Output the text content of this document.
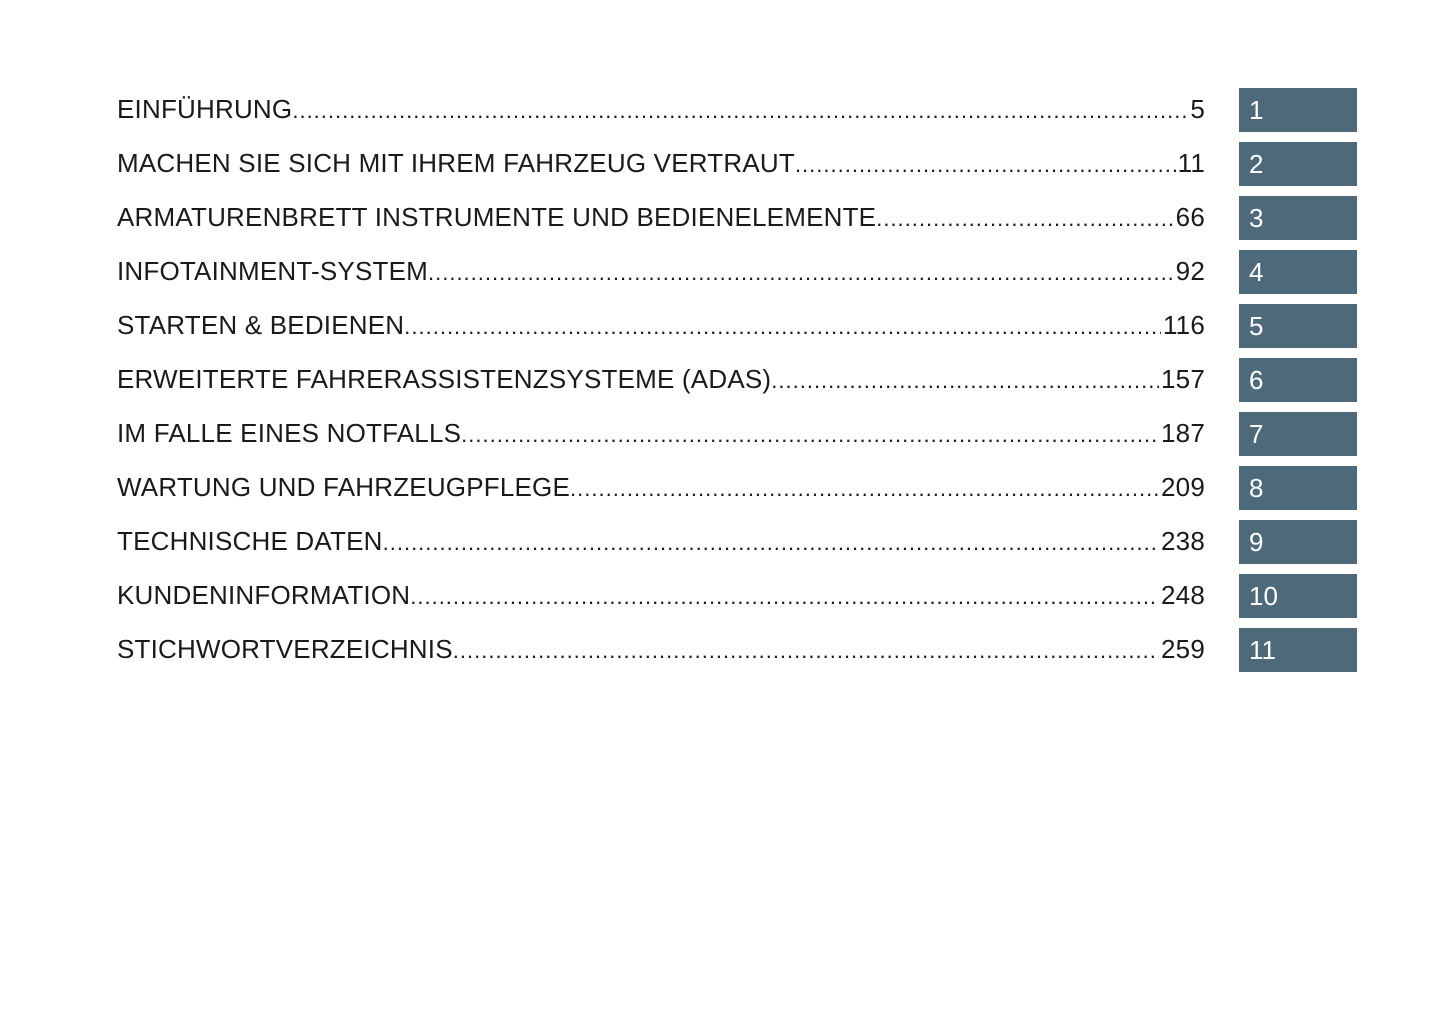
EINFÜHRUNG .....	5	1
MACHEN SIE SICH MIT IHREM FAHRZEUG VERTRAUT .....	11	2
ARMATURENBRETT INSTRUMENTE UND BEDIENELEMENTE .....	66	3
INFOTAINMENT-SYSTEM .....	92	4
STARTEN & BEDIENEN .....	116	5
ERWEITERTE FAHRERASSISTENZSYSTEME (ADAS) .....	157	6
IM FALLE EINES NOTFALLS .....	187	7
WARTUNG UND FAHRZEUGPFLEGE .....	209	8
TECHNISCHE DATEN .....	238	9
KUNDENINFORMATION .....	248	10
STICHWORTVERZEICHNIS .....	259	11
